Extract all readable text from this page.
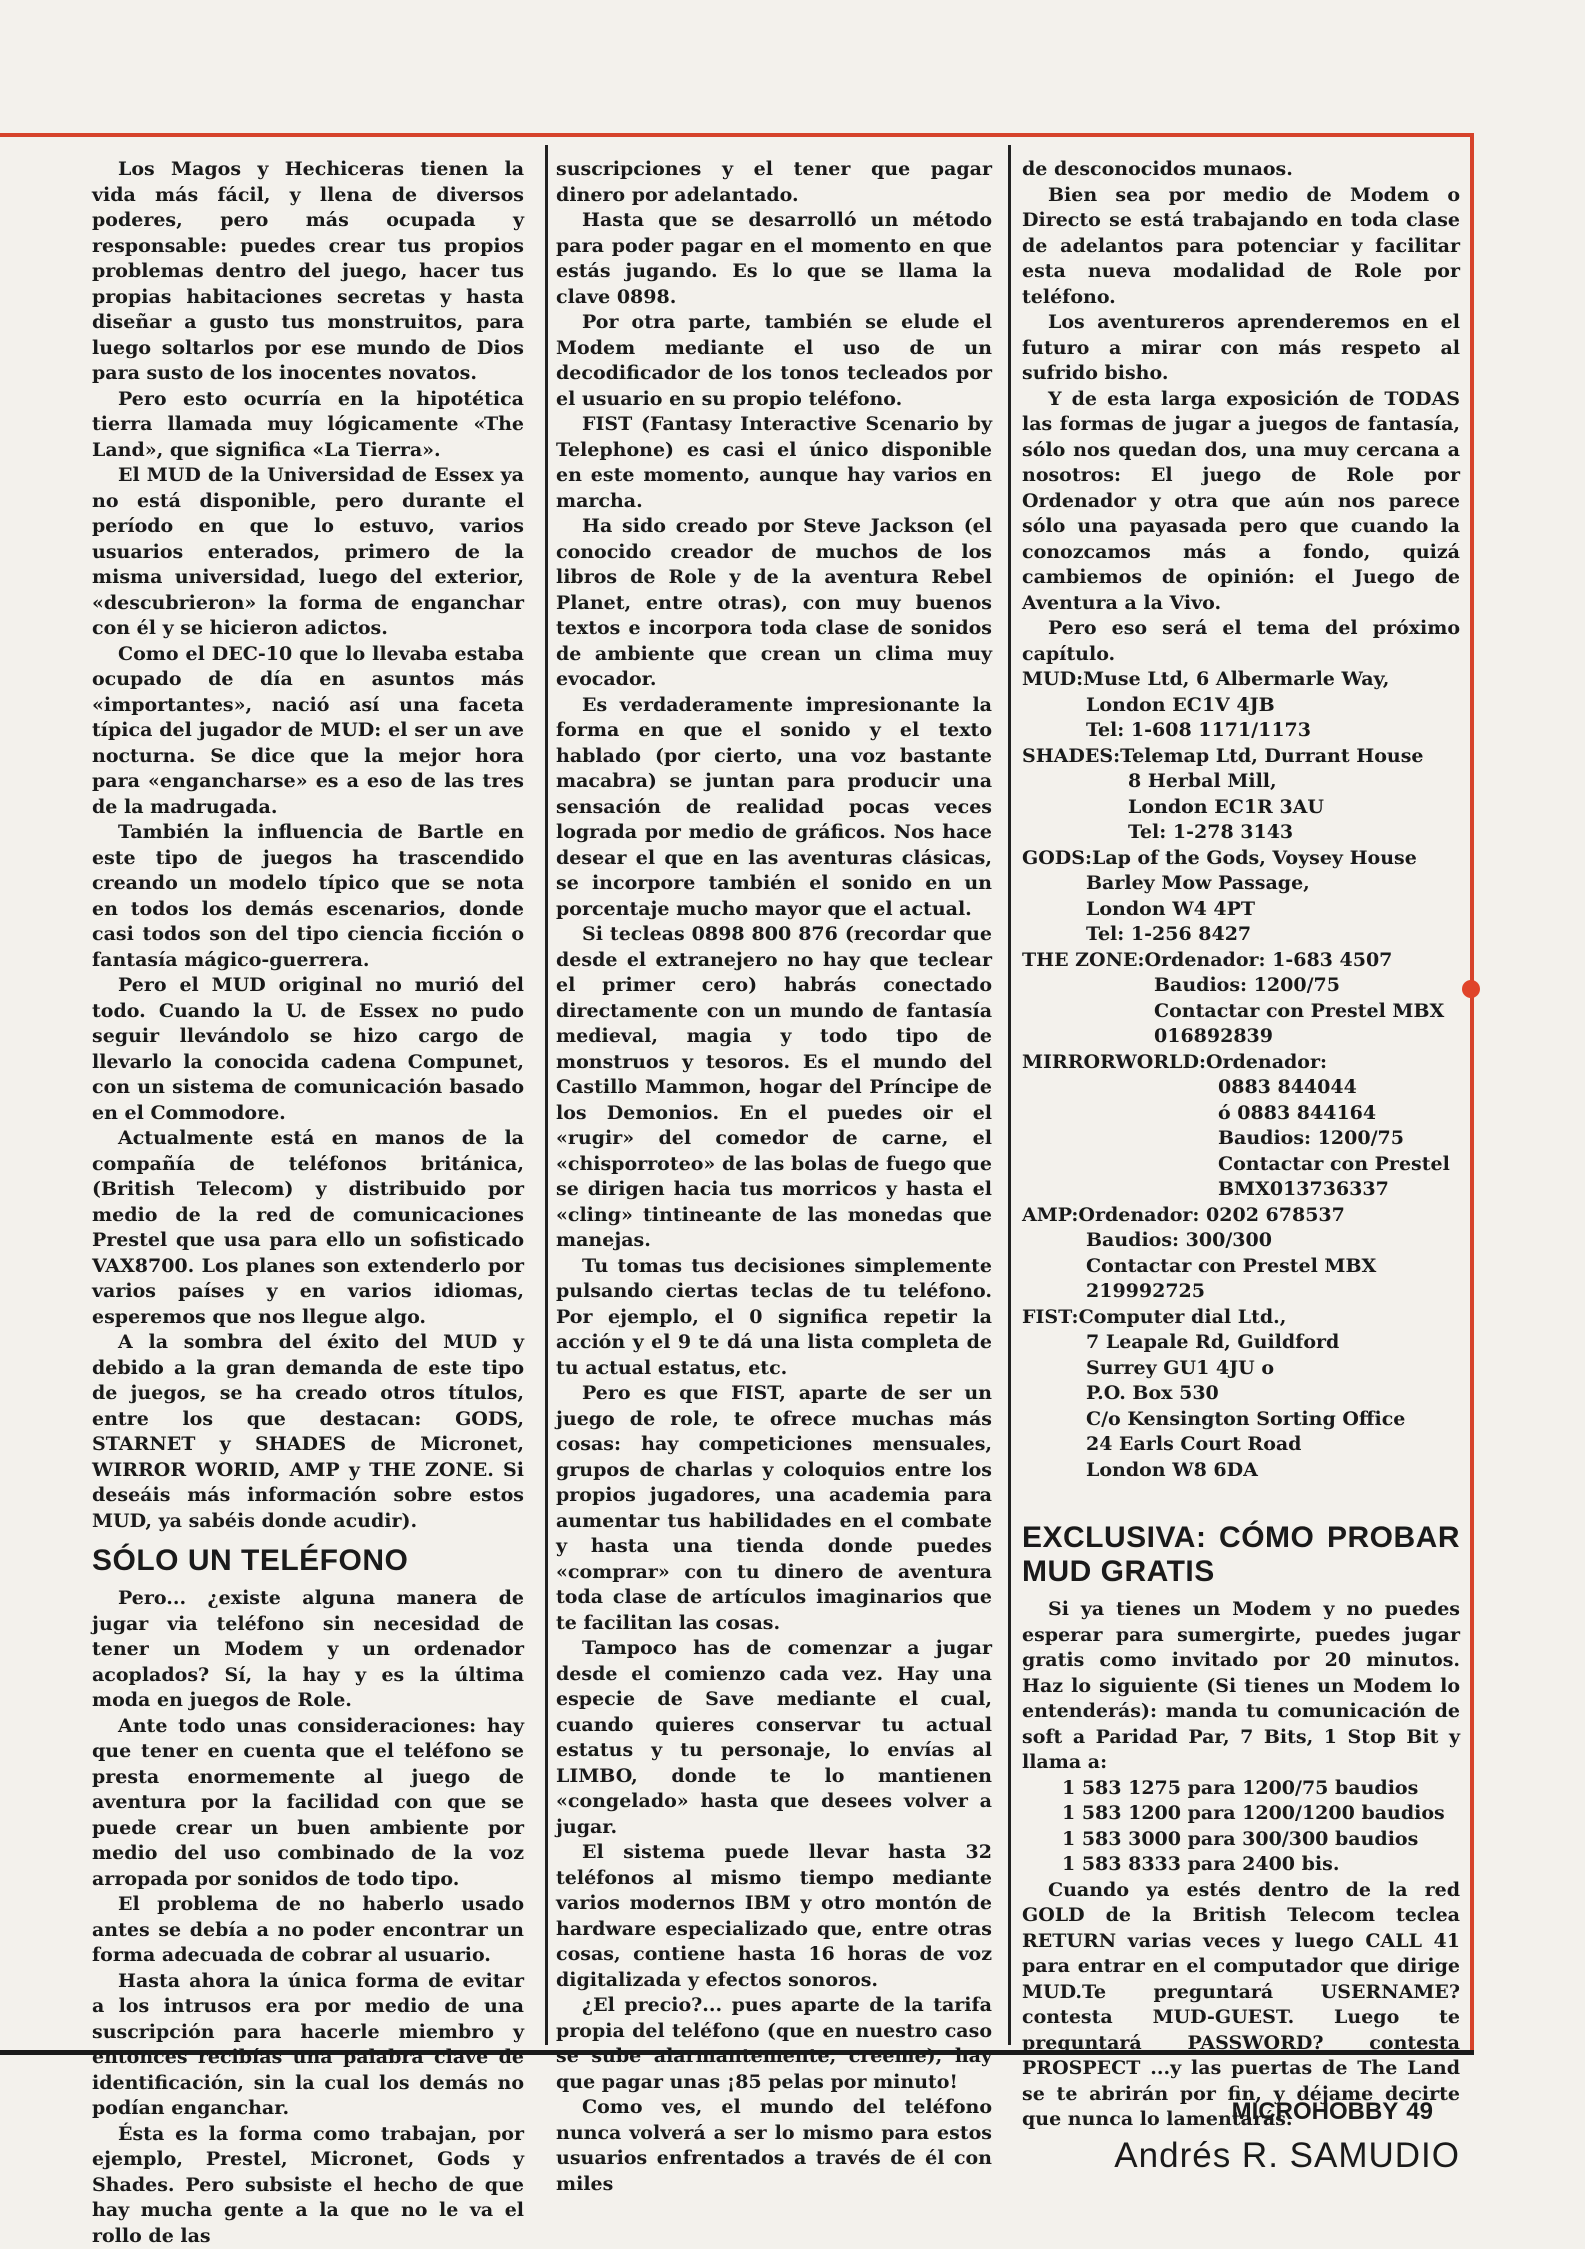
Los Magos y Hechiceras tienen la vida más fácil, y llena de diversos poderes, pero más ocupada y responsable: puedes crear tus propios problemas dentro del juego, hacer tus propias habitaciones secretas y hasta diseñar a gusto tus monstruitos, para luego soltarlos por ese mundo de Dios para susto de los inocentes novatos.

Pero esto ocurría en la hipotética tierra llamada muy lógicamente «The Land», que significa «La Tierra».

El MUD de la Universidad de Essex ya no está disponible, pero durante el período en que lo estuvo, varios usuarios enterados, primero de la misma universidad, luego del exterior, «descubrieron» la forma de enganchar con él y se hicieron adictos.

Como el DEC-10 que lo llevaba estaba ocupado de día en asuntos más «importantes», nació así una faceta típica del jugador de MUD: el ser un ave nocturna. Se dice que la mejor hora para «engancharse» es a eso de las tres de la madrugada.

También la influencia de Bartle en este tipo de juegos ha trascendido creando un modelo típico que se nota en todos los demás escenarios, donde casi todos son del tipo ciencia ficción o fantasía mágico-guerrera.

Pero el MUD original no murió del todo. Cuando la U. de Essex no pudo seguir llevándolo se hizo cargo de llevarlo la conocida cadena Compunet, con un sistema de comunicación basado en el Commodore.

Actualmente está en manos de la compañía de teléfonos británica, (British Telecom) y distribuido por medio de la red de comunicaciones Prestel que usa para ello un sofisticado VAX8700. Los planes son extenderlo por varios países y en varios idiomas, esperemos que nos llegue algo.

A la sombra del éxito del MUD y debido a la gran demanda de este tipo de juegos, se ha creado otros títulos, entre los que destacan: GODS, STARNET y SHADES de Micronet, WIRROR WORID, AMP y THE ZONE. Si deseáis más información sobre estos MUD, ya sabéis donde acudir).

SÓLO UN TELÉFONO

Pero... ¿existe alguna manera de jugar via teléfono sin necesidad de tener un Modem y un ordenador acoplados? Sí, la hay y es la última moda en juegos de Role.

Ante todo unas consideraciones: hay que tener en cuenta que el teléfono se presta enormemente al juego de aventura por la facilidad con que se puede crear un buen ambiente por medio del uso combinado de la voz arropada por sonidos de todo tipo.

El problema de no haberlo usado antes se debía a no poder encontrar un forma adecuada de cobrar al usuario.

Hasta ahora la única forma de evitar a los intrusos era por medio de una suscripción para hacerle miembro y entonces recibías una palabra clave de identificación, sin la cual los demás no podían enganchar.

Ésta es la forma como trabajan, por ejemplo, Prestel, Micronet, Gods y Shades. Pero subsiste el hecho de que hay mucha gente a la que no le va el rollo de las

suscripciones y el tener que pagar dinero por adelantado.

Hasta que se desarrolló un método para poder pagar en el momento en que estás jugando. Es lo que se llama la clave 0898.

Por otra parte, también se elude el Modem mediante el uso de un decodificador de los tonos tecleados por el usuario en su propio teléfono.

FIST (Fantasy Interactive Scenario by Telephone) es casi el único disponible en este momento, aunque hay varios en marcha.

Ha sido creado por Steve Jackson (el conocido creador de muchos de los libros de Role y de la aventura Rebel Planet, entre otras), con muy buenos textos e incorpora toda clase de sonidos de ambiente que crean un clima muy evocador.

Es verdaderamente impresionante la forma en que el sonido y el texto hablado (por cierto, una voz bastante macabra) se juntan para producir una sensación de realidad pocas veces lograda por medio de gráficos. Nos hace desear el que en las aventuras clásicas, se incorpore también el sonido en un porcentaje mucho mayor que el actual.

Si tecleas 0898 800 876 (recordar que desde el extranejero no hay que teclear el primer cero) habrás conectado directamente con un mundo de fantasía medieval, magia y todo tipo de monstruos y tesoros. Es el mundo del Castillo Mammon, hogar del Príncipe de los Demonios. En el puedes oir el «rugir» del comedor de carne, el «chisporroteo» de las bolas de fuego que se dirigen hacia tus morricos y hasta el «cling» tintineante de las monedas que manejas.

Tu tomas tus decisiones simplemente pulsando ciertas teclas de tu teléfono. Por ejemplo, el 0 significa repetir la acción y el 9 te dá una lista completa de tu actual estatus, etc.

Pero es que FIST, aparte de ser un juego de role, te ofrece muchas más cosas: hay competiciones mensuales, grupos de charlas y coloquios entre los propios jugadores, una academia para aumentar tus habilidades en el combate y hasta una tienda donde puedes «comprar» con tu dinero de aventura toda clase de artículos imaginarios que te facilitan las cosas.

Tampoco has de comenzar a jugar desde el comienzo cada vez. Hay una especie de Save mediante el cual, cuando quieres conservar tu actual estatus y tu personaje, lo envías al LIMBO, donde te lo mantienen «congelado» hasta que desees volver a jugar.

El sistema puede llevar hasta 32 teléfonos al mismo tiempo mediante varios modernos IBM y otro montón de hardware especializado que, entre otras cosas, contiene hasta 16 horas de voz digitalizada y efectos sonoros.

¿El precio?... pues aparte de la tarifa propia del teléfono (que en nuestro caso se sube alarmantemente, creeme), hay que pagar unas ¡85 pelas por minuto!

Como ves, el mundo del teléfono nunca volverá a ser lo mismo para estos usuarios enfrentados a través de él con miles

de desconocidos munaos.

Bien sea por medio de Modem o Directo se está trabajando en toda clase de adelantos para potenciar y facilitar esta nueva modalidad de Role por teléfono.

Los aventureros aprenderemos en el futuro a mirar con más respeto al sufrido bisho.

Y de esta larga exposición de TODAS las formas de jugar a juegos de fantasía, sólo nos quedan dos, una muy cercana a nosotros: El juego de Role por Ordenador y otra que aún nos parece sólo una payasada pero que cuando la conozcamos más a fondo, quizá cambiemos de opinión: el Juego de Aventura a la Vivo.

Pero eso será el tema del próximo capítulo.

MUD:Muse Ltd, 6 Albermarle Way,
London EC1V 4JB
Tel: 1-608 1171/1173
SHADES:Telemap Ltd, Durrant House
8 Herbal Mill,
London EC1R 3AU
Tel: 1-278 3143
GODS:Lap of the Gods, Voysey House
Barley Mow Passage,
London W4 4PT
Tel: 1-256 8427
THE ZONE:Ordenador: 1-683 4507
Baudios: 1200/75
Contactar con Prestel MBX
016892839
MIRRORWORLD:Ordenador:
0883 844044
ó 0883 844164
Baudios: 1200/75
Contactar con Prestel
BMX013736337
AMP:Ordenador: 0202 678537
Baudios: 300/300
Contactar con Prestel MBX
219992725
FIST:Computer dial Ltd.,
7 Leapale Rd, Guildford
Surrey GU1 4JU o
P.O. Box 530
C/o Kensington Sorting Office
24 Earls Court Road
London W8 6DA
EXCLUSIVA: CÓMO PROBAR MUD GRATIS

Si ya tienes un Modem y no puedes esperar para sumergirte, puedes jugar gratis como invitado por 20 minutos. Haz lo siguiente (Si tienes un Modem lo entenderás): manda tu comunicación de soft a Paridad Par, 7 Bits, 1 Stop Bit y llama a:

1 583 1275 para 1200/75 baudios
1 583 1200 para 1200/1200 baudios
1 583 3000 para 300/300 baudios
1 583 8333 para 2400 bis.

Cuando ya estés dentro de la red GOLD de la British Telecom teclea RETURN varias veces y luego CALL 41 para entrar en el computador que dirige MUD.Te preguntará USERNAME? contesta MUD-GUEST. Luego te preguntará PASSWORD? contesta PROSPECT ...y las puertas de The Land se te abrirán por fin, y déjame decirte que nunca lo lamentarás.

Andrés R. SAMUDIO
MICROHOBBY 49
